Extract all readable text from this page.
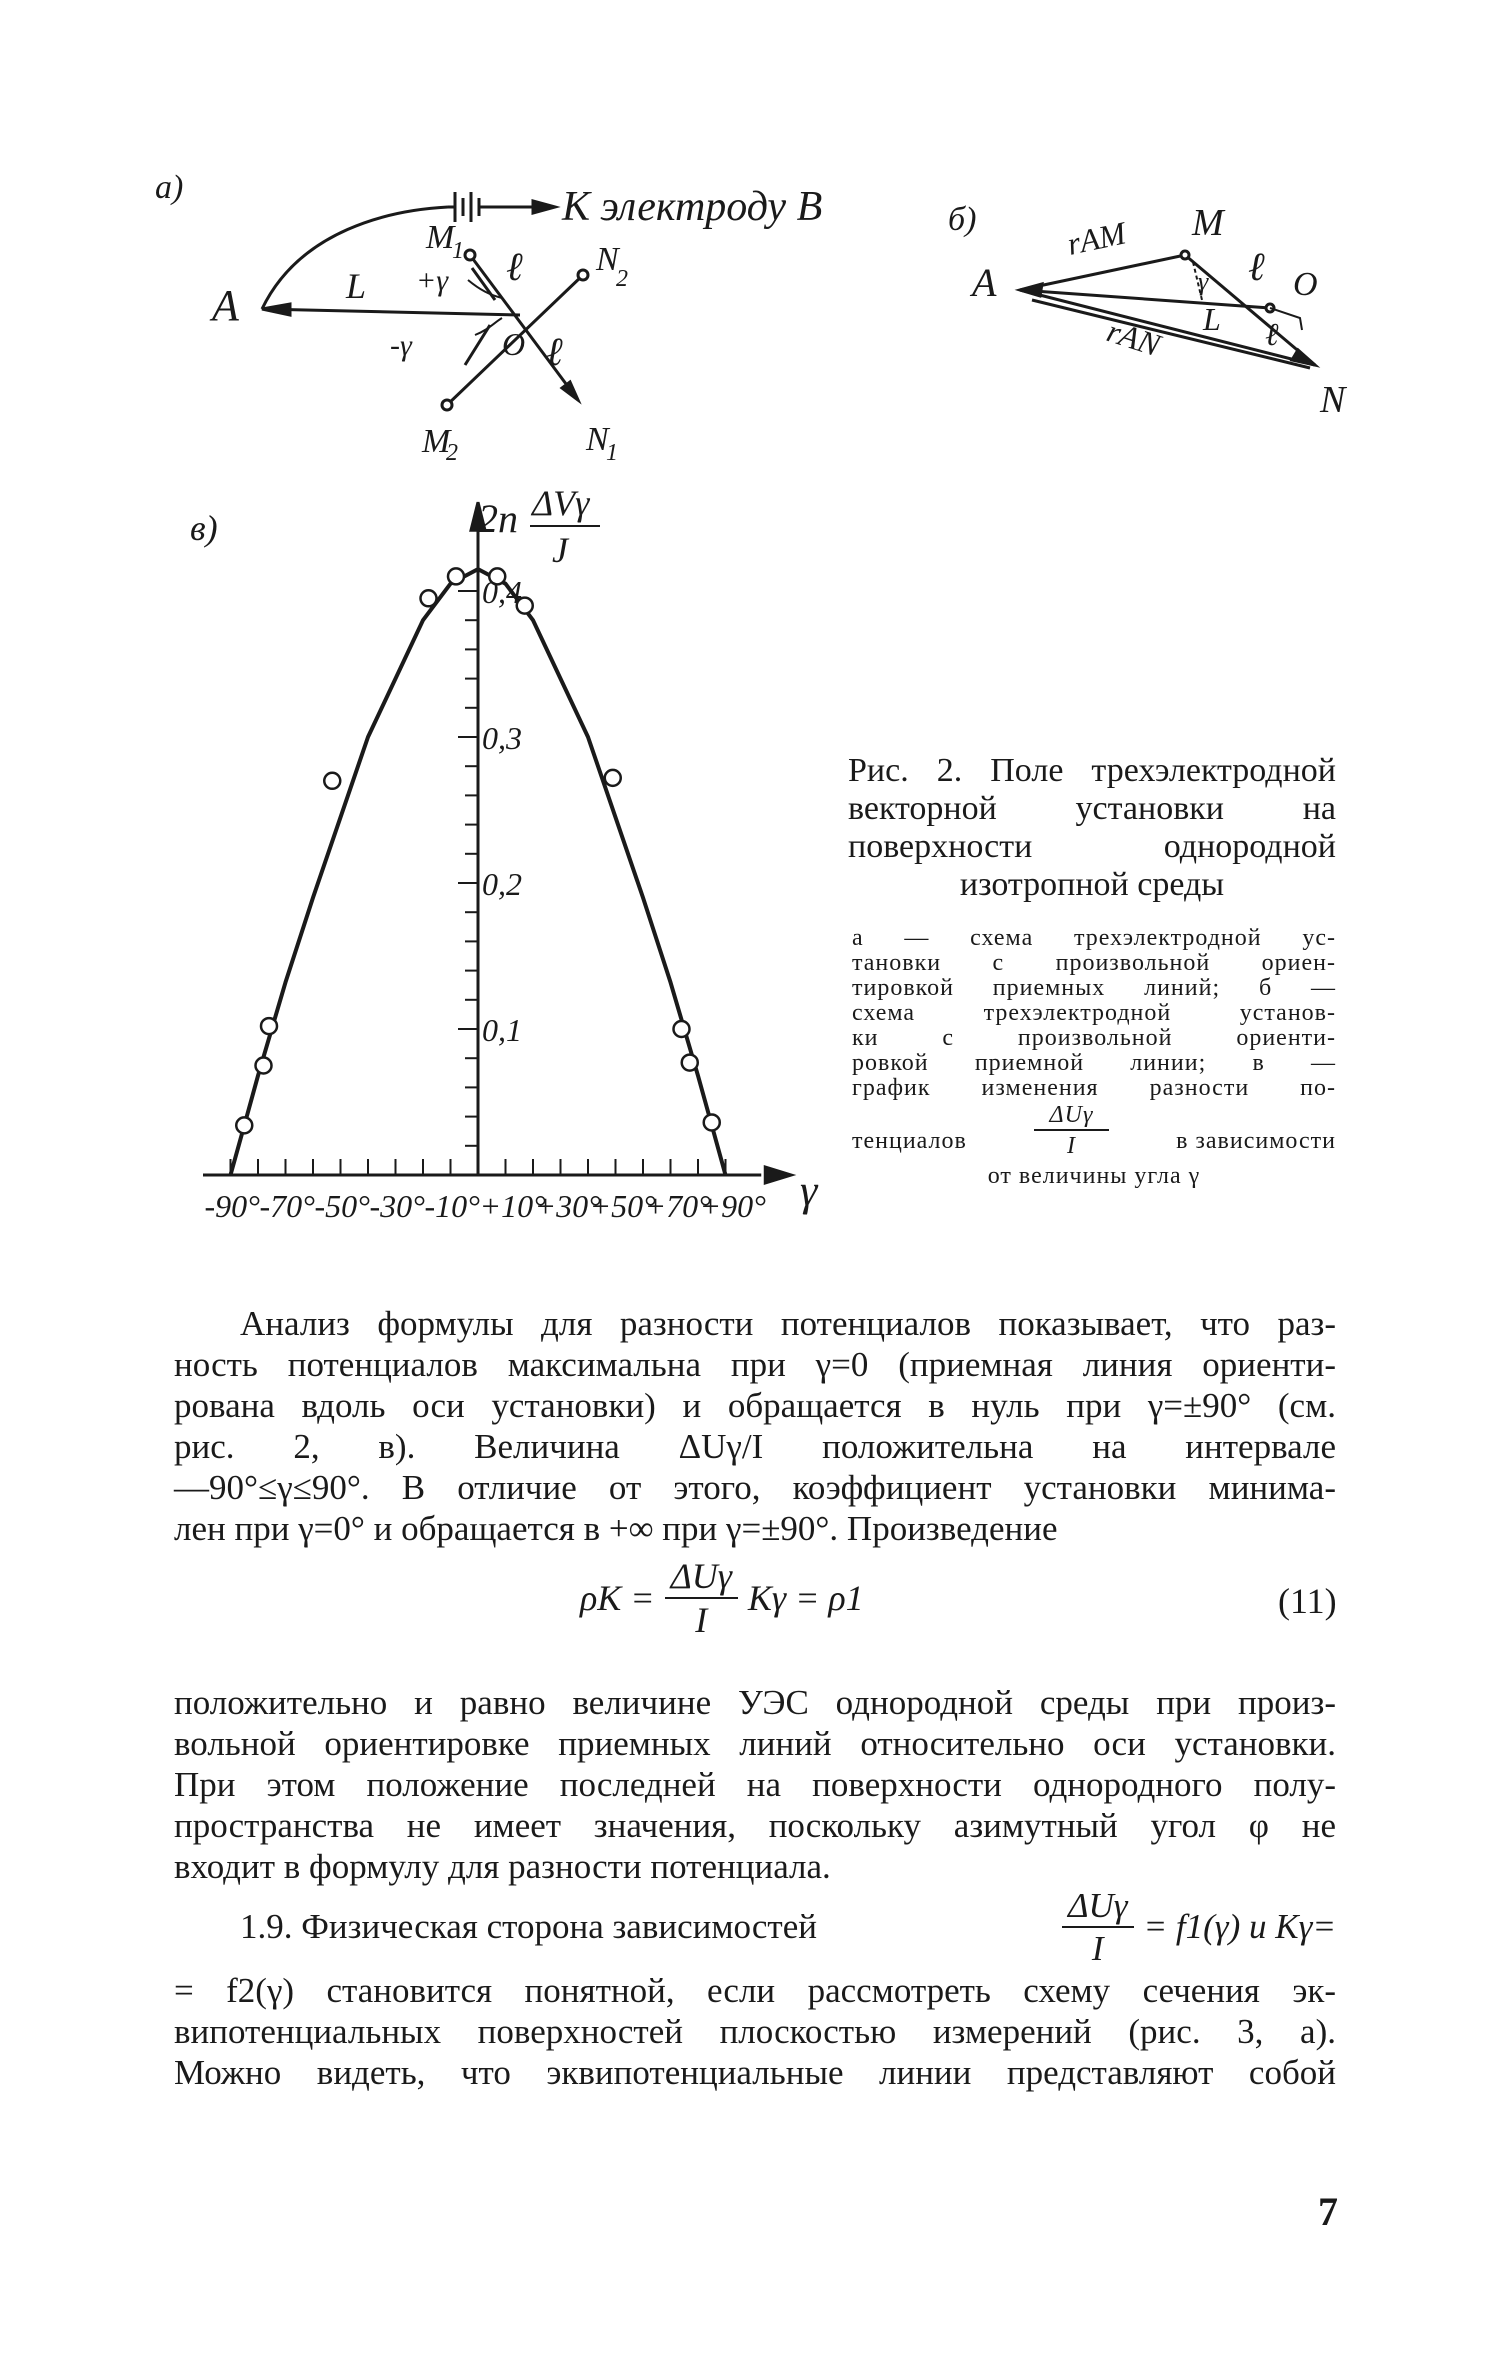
а)	К электроду B
A	L
M
1	N
2
M
2	N
1
O
ℓ
ℓ
+γ
-γ
б)
A
M
O
N
rAM
rAN L
ℓ
ℓ
γ
-90° -70° -50° -30° -10° +10°
+30°
+50°
+70°
+90°
0,1
0,2
0,3
0,4
в)	2п ΔVγ
J
γ
Рис. 2. Поле трехэлектродной векторной установки на поверхности однородной изотропной среды
а — схема трехэлектродной ус-
тановки с произвольной ориен-
тировкой приемных линий; б —
схема трехэлектродной установ-
ки с произвольной ориенти-
ровкой приемной линии; в —
график изменения разности по-
тенциалов	$\frac{\text{ΔUγ}}{I}$	в зависимости
от величины угла γ
Анализ формулы для разности потенциалов показывает, что раз-
ность потенциалов максимальна при γ=0 (приемная линия ориенти-
рована вдоль оси установки) и обращается в нуль при γ=±90° (см.
рис. 2, в). Величина ΔUγ/I положительна на интервале
—90°≤γ≤90°. В отличие от этого, коэффициент установки минима-
лен при γ=0° и обращается в +∞ при γ=±90°. Произведение
$\rho K = \frac{\text{ΔUγ}}{I}$ Kγ = ρ1	(11)
положительно и равно величине УЭС однородной среды при произ-
вольной ориентировке приемных линий относительно оси установки.
При этом положение последней на поверхности однородного полу-
пространства не имеет значения, поскольку азимутный угол φ не
входит в формулу для разности потенциала.
1.9. Физическая сторона зависимостей	$\frac{\text{ΔUγ}}{I} = f1(\gamma)$ и Kγ=
= f2(γ) становится понятной, если рассмотреть схему сечения эк-
випотенциальных поверхностей плоскостью измерений (рис. 3, а).
Можно видеть, что эквипотенциальные линии представляют собой
7
